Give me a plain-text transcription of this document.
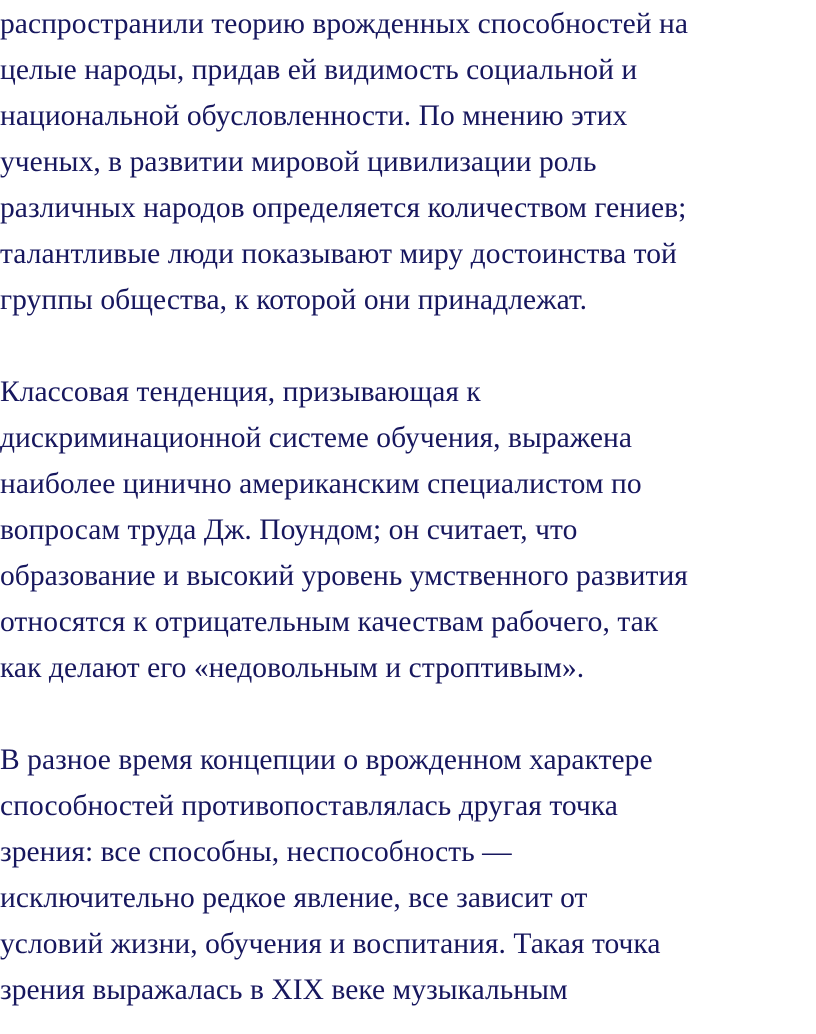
распространили теорию врожденных способностей на
целые народы, придав ей видимость социальной и
национальной обусловленности. По мнению этих
ученых, в развитии мировой цивилизации роль
различных народов определяется количеством гениев;
талантливые люди показывают миру достоинства той
группы общества, к которой они принадлежат.
Классовая тенденция, призывающая к
дискриминационной системе обучения, выражена
наиболее цинично американским специалистом по
вопросам труда Дж. Поундом; он считает, что
образование и высокий уровень умственного развития
относятся к отрицательным качествам рабочего, так
как делают его «недовольным и строптивым».
В разное время концепции о врожденном характере
способностей противопоставлялась другая точка
зрения: все способны, неспособность —
исключительно редкое явление, все зависит от
условий жизни, обучения и воспитания. Такая точка
зрения выражалась в XIX веке музыкальным
